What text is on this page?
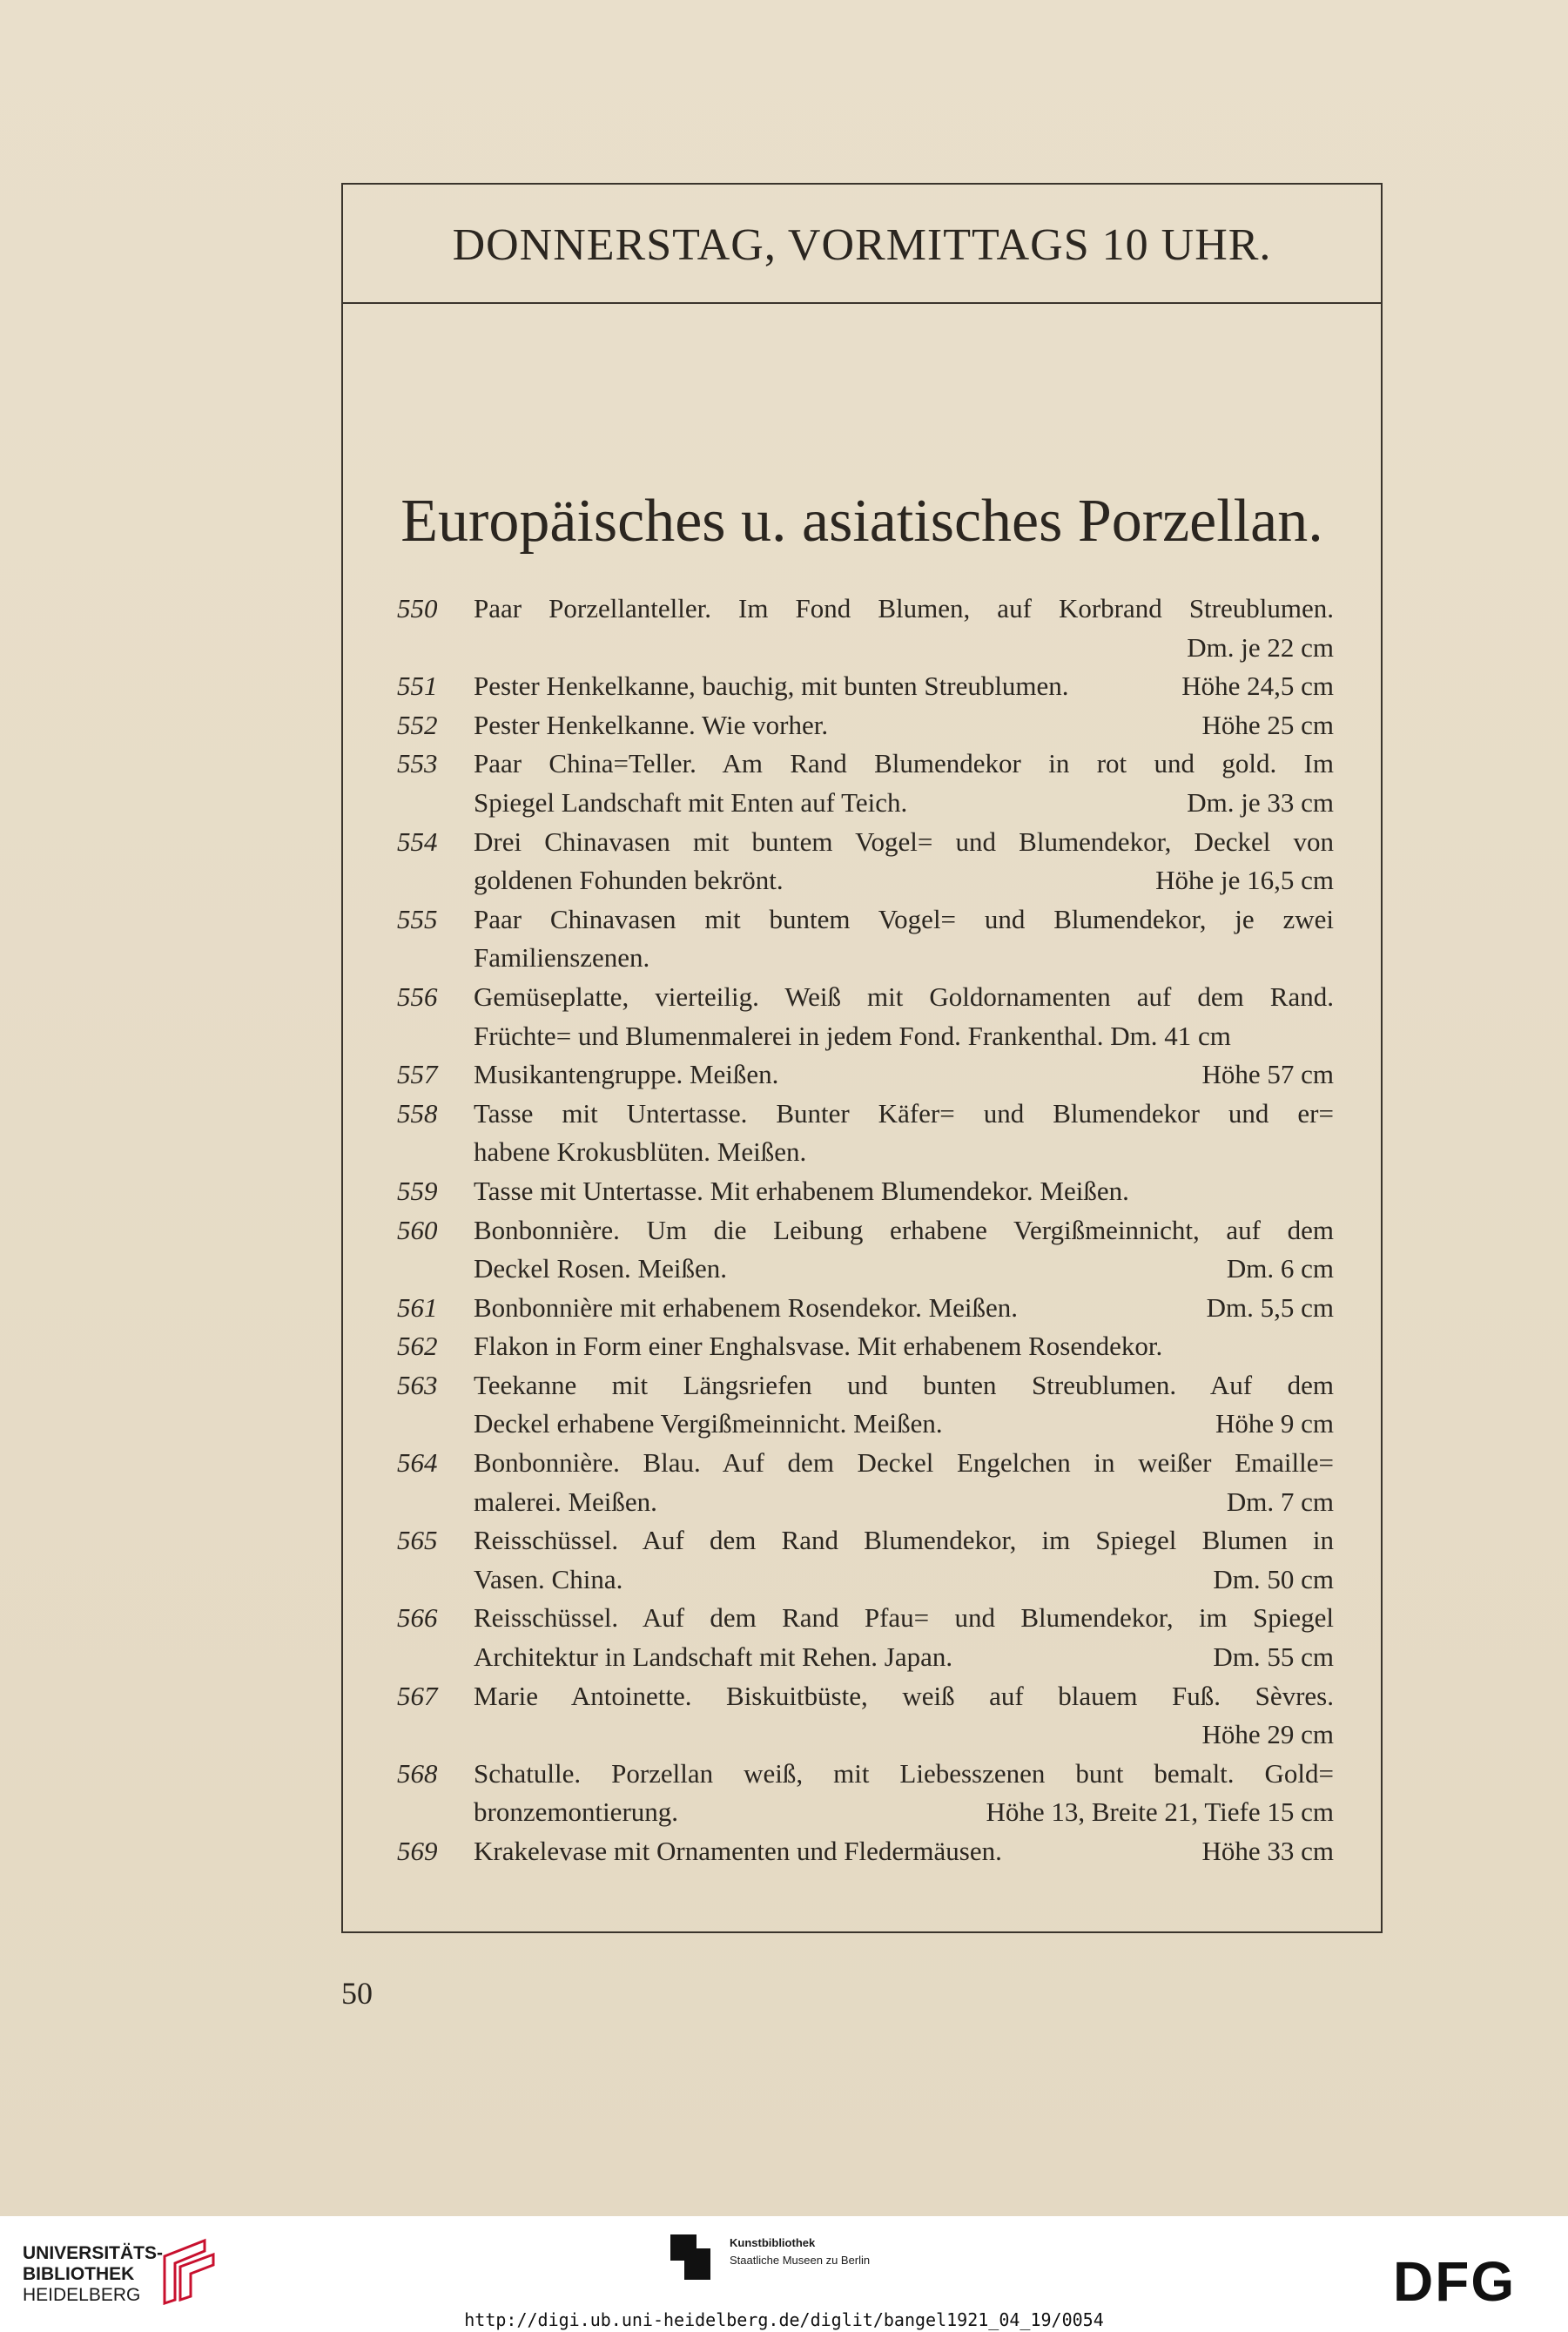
DONNERSTAG, VORMITTAGS 10 UHR.
Europäisches u. asiatisches Porzellan.
550	Paar Porzellanteller. Im Fond Blumen, auf Korbrand Streublumen.
Dm. je 22 cm
551	Pester Henkelkanne, bauchig, mit bunten Streublumen.	Höhe 24,5 cm
552	Pester Henkelkanne. Wie vorher.	Höhe 25 cm
553	Paar China=Teller. Am Rand Blumendekor in rot und gold. Im
Spiegel Landschaft mit Enten auf Teich.	Dm. je 33 cm
554	Drei Chinavasen mit buntem Vogel= und Blumendekor, Deckel von
goldenen Fohunden bekrönt.	Höhe je 16,5 cm
555	Paar Chinavasen mit buntem Vogel= und Blumendekor, je zwei
Familienszenen.
556	Gemüseplatte, vierteilig. Weiß mit Goldornamenten auf dem Rand.
Früchte= und Blumenmalerei in jedem Fond. Frankenthal. Dm. 41 cm
557	Musikantengruppe. Meißen.	Höhe 57 cm
558	Tasse mit Untertasse. Bunter Käfer= und Blumendekor und er=
habene Krokusblüten. Meißen.
559	Tasse mit Untertasse. Mit erhabenem Blumendekor. Meißen.
560	Bonbonnière. Um die Leibung erhabene Vergißmeinnicht, auf dem
Deckel Rosen. Meißen.	Dm. 6 cm
561	Bonbonnière mit erhabenem Rosendekor. Meißen.	Dm. 5,5 cm
562	Flakon in Form einer Enghalsvase. Mit erhabenem Rosendekor.
563	Teekanne mit Längsriefen und bunten Streublumen. Auf dem
Deckel erhabene Vergißmeinnicht. Meißen.	Höhe 9 cm
564	Bonbonnière. Blau. Auf dem Deckel Engelchen in weißer Emaille=
malerei. Meißen.	Dm. 7 cm
565	Reisschüssel. Auf dem Rand Blumendekor, im Spiegel Blumen in
Vasen. China.	Dm. 50 cm
566	Reisschüssel. Auf dem Rand Pfau= und Blumendekor, im Spiegel
Architektur in Landschaft mit Rehen. Japan.	Dm. 55 cm
567	Marie Antoinette. Biskuitbüste, weiß auf blauem Fuß. Sèvres.
Höhe 29 cm
568	Schatulle. Porzellan weiß, mit Liebesszenen bunt bemalt. Gold=
bronzemontierung.	Höhe 13, Breite 21, Tiefe 15 cm
569	Krakelevase mit Ornamenten und Fledermäusen.	Höhe 33 cm
50
UNIVERSITÄTS-
BIBLIOTHEK
HEIDELBERG
Kunstbibliothek
Staatliche Museen zu Berlin	DFG
http://digi.ub.uni-heidelberg.de/diglit/bangel1921_04_19/0054
